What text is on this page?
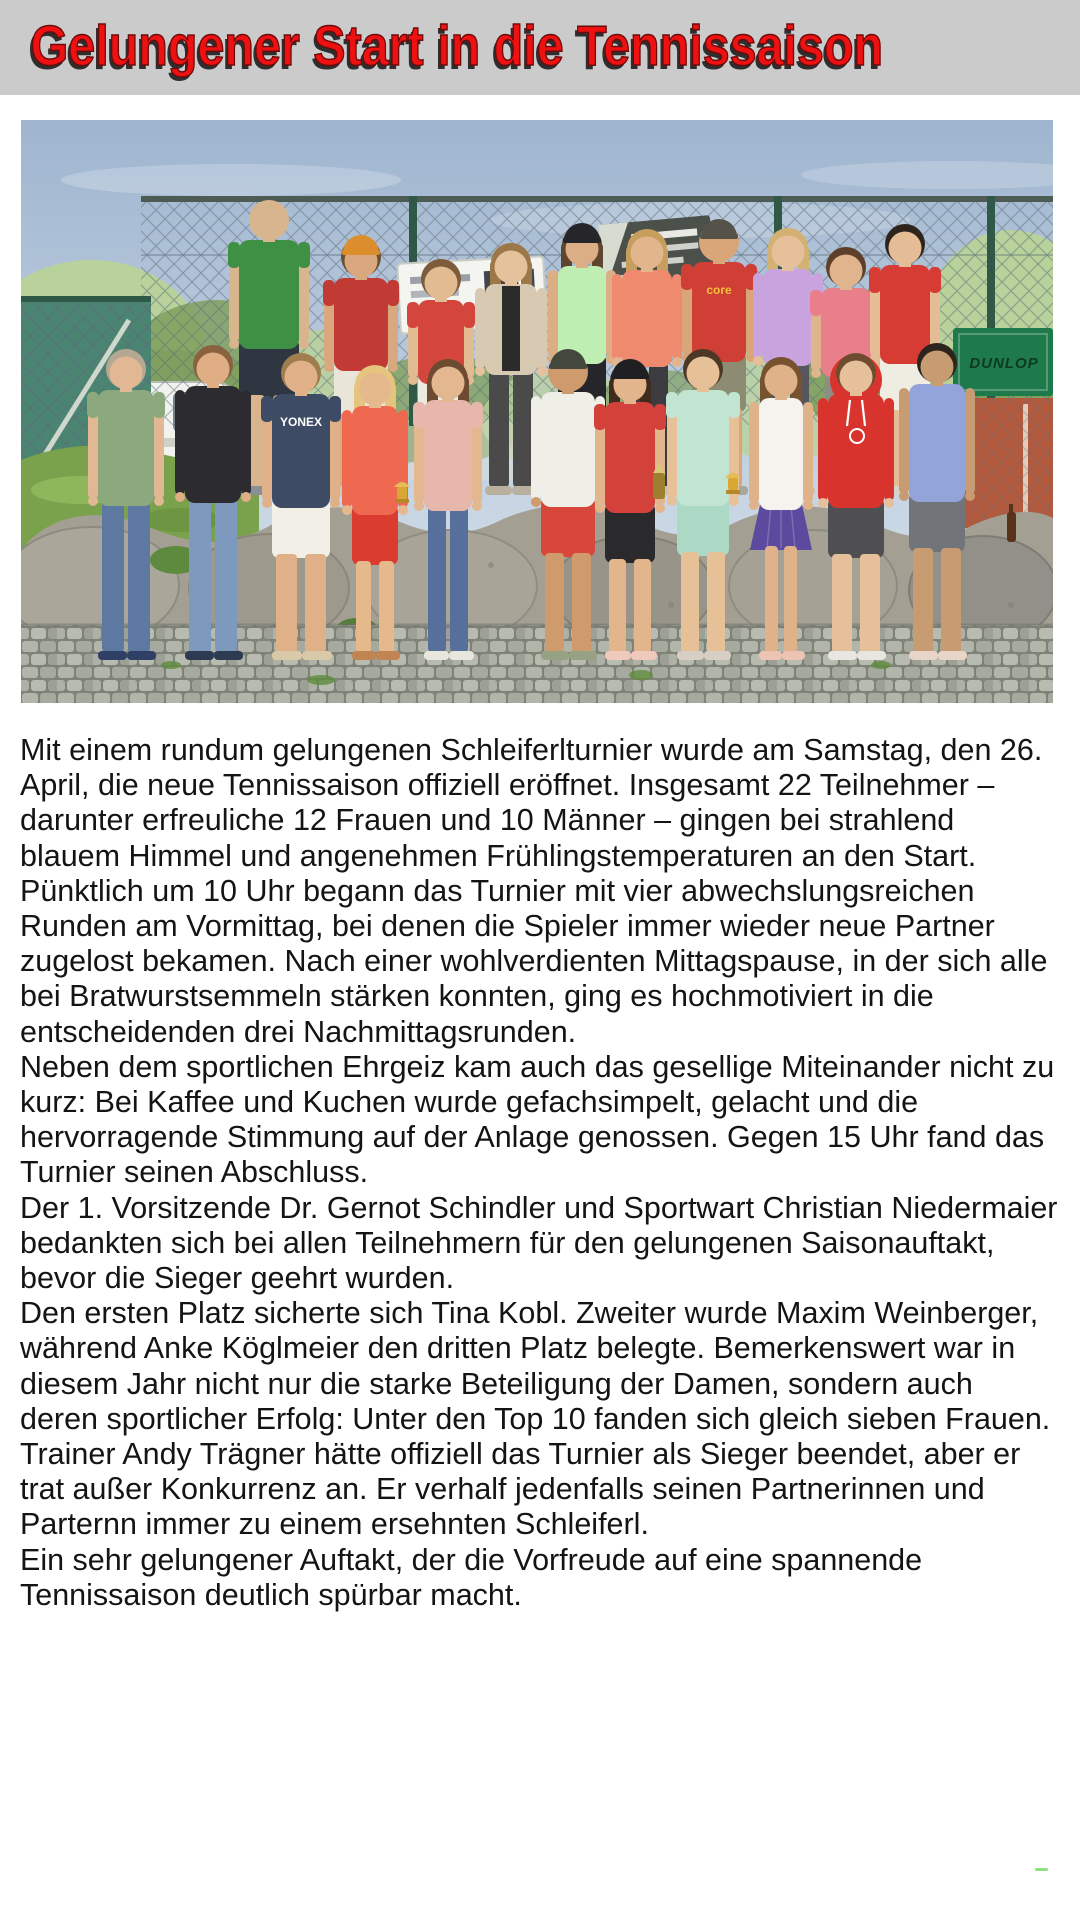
Gelungener Start in die Tennissaison
DUNLOP
core
YONEX

Mit einem rundum gelungenen Schleiferlturnier wurde am Samstag, den 26. April, die neue Tennissaison offiziell eröffnet. Insgesamt 22 Teilnehmer – darunter erfreuliche 12 Frauen und 10 Männer – gingen bei strahlend blauem Himmel und angenehmen Frühlingstemperaturen an den Start.

Pünktlich um 10 Uhr begann das Turnier mit vier abwechslungsreichen Runden am Vormittag, bei denen die Spieler immer wieder neue Partner zugelost bekamen. Nach einer wohlverdienten Mittagspause, in der sich alle bei Bratwurstsemmeln stärken konnten, ging es hochmotiviert in die entscheidenden drei Nachmittagsrunden.

Neben dem sportlichen Ehrgeiz kam auch das gesellige Miteinander nicht zu kurz: Bei Kaffee und Kuchen wurde gefachsimpelt, gelacht und die hervorragende Stimmung auf der Anlage genossen. Gegen 15 Uhr fand das Turnier seinen Abschluss.

Der 1. Vorsitzende Dr. Gernot Schindler und Sportwart Christian Niedermaier bedankten sich bei allen Teilnehmern für den gelungenen Saisonauftakt, bevor die Sieger geehrt wurden.

Den ersten Platz sicherte sich Tina Kobl. Zweiter wurde Maxim Weinberger, während Anke Köglmeier den dritten Platz belegte. Bemerkenswert war in diesem Jahr nicht nur die starke Beteiligung der Damen, sondern auch deren sportlicher Erfolg: Unter den Top 10 fanden sich gleich sieben Frauen. Trainer Andy Trägner hätte offiziell das Turnier als Sieger beendet, aber er trat außer Konkurrenz an. Er verhalf jedenfalls seinen Partnerinnen und Parternn immer zu einem ersehnten Schleiferl.

Ein sehr gelungener Auftakt, der die Vorfreude auf eine spannende Tennissaison deutlich spürbar macht.
